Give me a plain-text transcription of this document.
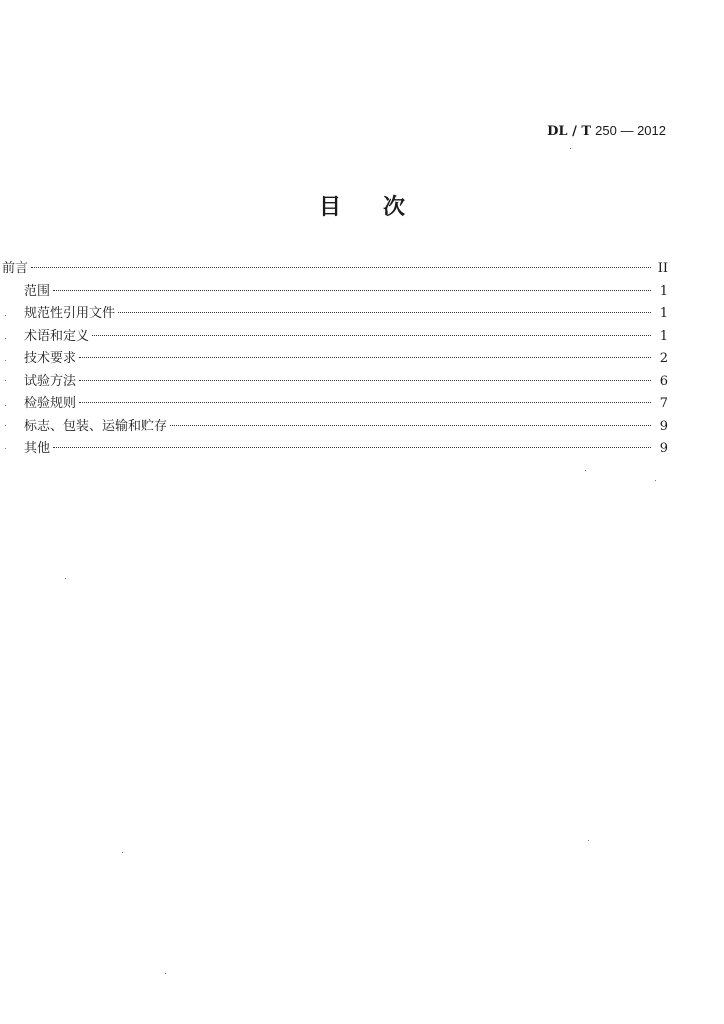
DL / T 250 — 2012
目次
前言	II
范围	1
规范性引用文件	1
术语和定义	1
技术要求	2
试验方法	6
检验规则	7
标志、包装、运输和贮存	9
其他	9
